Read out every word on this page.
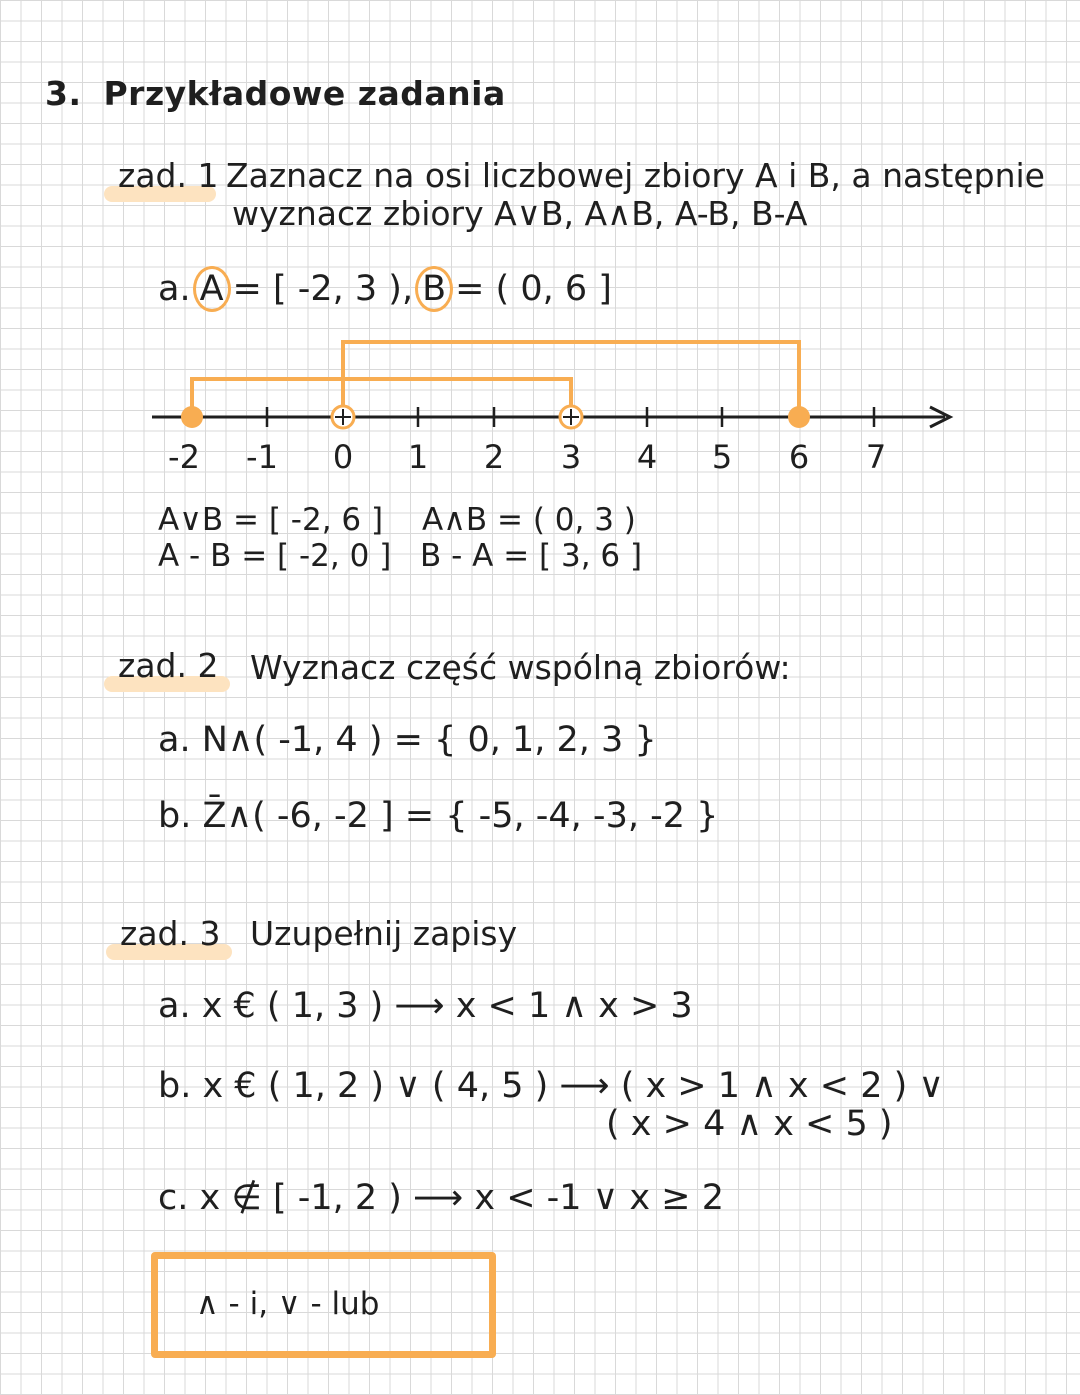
3. Przykładowe zadania
zad. 1 Zaznacz na osi liczbowej zbiory A i B, a następnie
wyznacz zbiory A∨B, A∧B, A-B, B-A
a. A = [ -2, 3 ), B = ( 0, 6 ]
-2 -1 0 1 2 3 4 5 6 7
A∨B = [ -2, 6 ] A∧B = ( 0, 3 )
A - B = [ -2, 0 ] B - A = [ 3, 6 ]
zad. 2 Wyznacz część wspólną zbiorów:
a. N∧( -1, 4 ) = { 0, 1, 2, 3 }
b. Z̄∧( -6, -2 ] = { -5, -4, -3, -2 }
zad. 3 Uzupełnij zapisy
a. x € ( 1, 3 ) ⟶ x < 1 ∧ x > 3
b. x € ( 1, 2 ) ∨ ( 4, 5 ) ⟶ ( x > 1 ∧ x < 2 ) ∨
( x > 4 ∧ x < 5 )
c. x ∉ [ -1, 2 ) ⟶ x < -1 ∨ x ≥ 2
∧ - i, ∨ - lub
